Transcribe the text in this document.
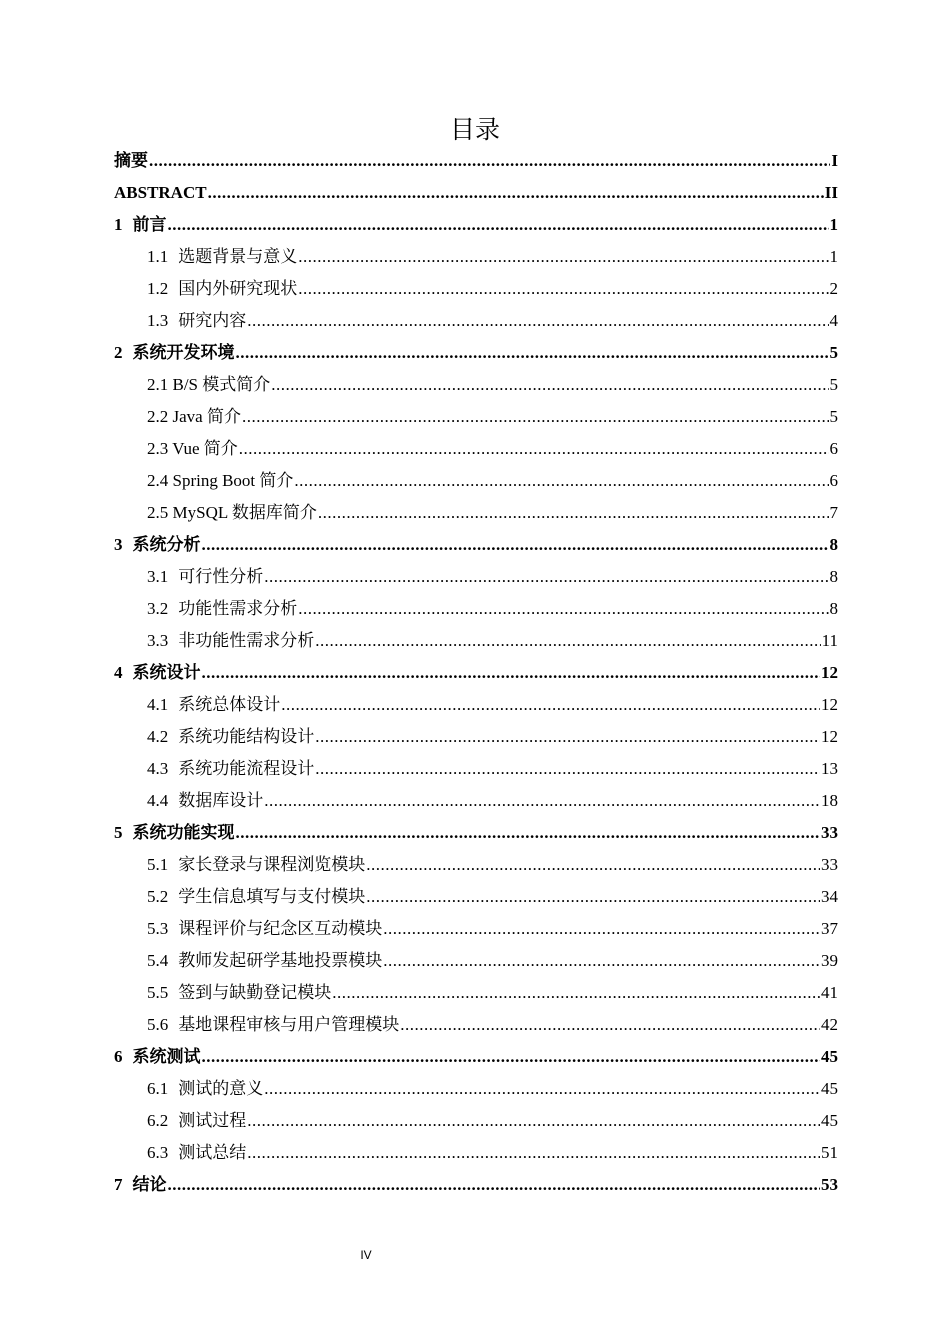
目录
摘要 .....	I
ABSTRACT .....	II
1 前言 .....	1
1.1 选题背景与意义 .....	1
1.2 国内外研究现状 .....	2
1.3 研究内容 .....	4
2 系统开发环境 .....	5
2.1 B/S 模式简介 .....	5
2.2 Java 简介 .....	5
2.3 Vue 简介 .....	6
2.4 Spring Boot 简介 .....	6
2.5 MySQL 数据库简介 .....	7
3 系统分析 .....	8
3.1 可行性分析 .....	8
3.2 功能性需求分析 .....	8
3.3 非功能性需求分析 .....	11
4 系统设计 .....	12
4.1 系统总体设计 .....	12
4.2 系统功能结构设计 .....	12
4.3 系统功能流程设计 .....	13
4.4 数据库设计 .....	18
5 系统功能实现 .....	33
5.1 家长登录与课程浏览模块 .....	33
5.2 学生信息填写与支付模块 .....	34
5.3 课程评价与纪念区互动模块 .....	37
5.4 教师发起研学基地投票模块 .....	39
5.5 签到与缺勤登记模块 .....	41
5.6 基地课程审核与用户管理模块 .....	42
6 系统测试 .....	45
6.1 测试的意义 .....	45
6.2 测试过程 .....	45
6.3 测试总结 .....	51
7 结论 .....	53
IV
